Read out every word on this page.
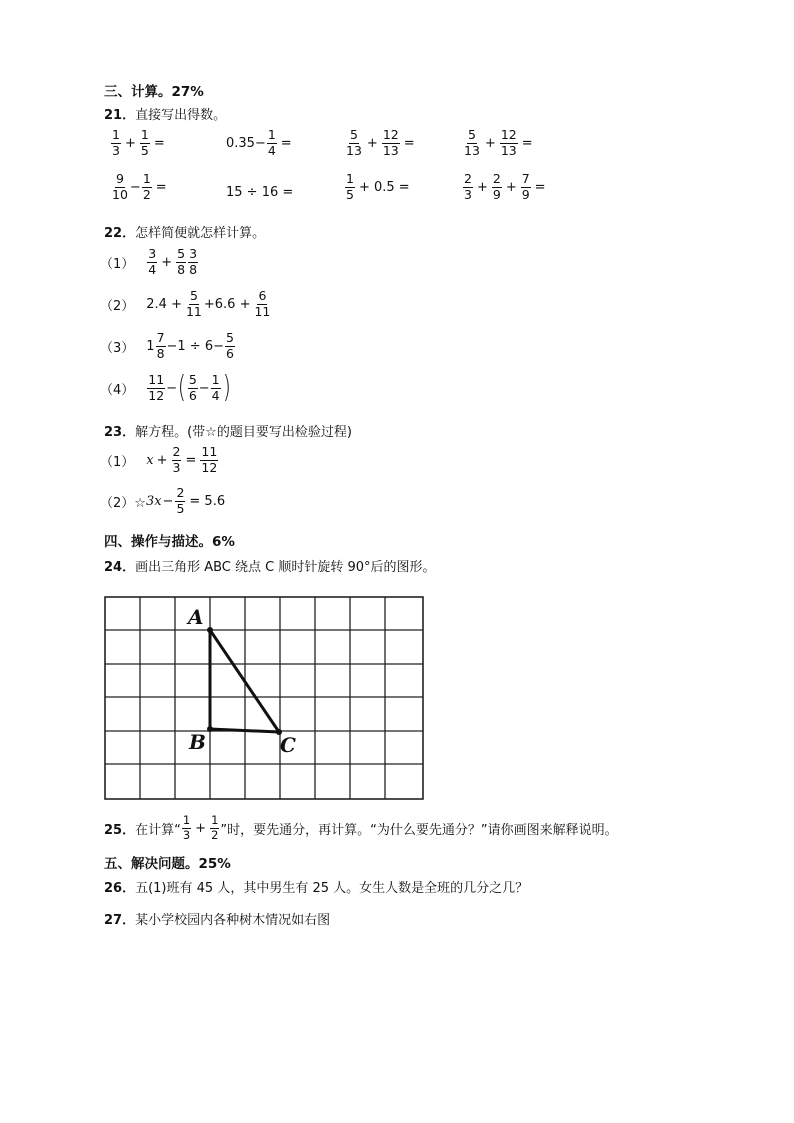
三、计算。27%
21．直接写出得数。
$\frac{1}{3} + \frac{1}{5}$ =	$0.35- \frac{1}{4}$ =	$\frac{5}{13} + \frac{12}{13}$ =	$\frac{5}{13} + \frac{12}{13}$ =
$\frac{9}{10} - \frac{1}{2}$ =	15 ÷ 16 =	$\frac{1}{5} + 0.5$ =	$\frac{2}{3} + \frac{2}{9} + \frac{7}{9}$ =
22．怎样简便就怎样计算。
$(1) \frac{3}{4} + \frac{5}{8} \frac{3}{8}$
（2） $2.4 + \frac{5}{11} +6.6 + \frac{6}{11}$
（3） $1 \frac{7}{8} -1 \div 6- \frac{5}{6}$
$(4) \frac{11}{12}$ − ( $\frac{5}{6} - \frac{1}{4}$ )
23．解方程。(带☆的题目要写出检验过程)
（1） $x + \frac{2}{3} = \frac{11}{12}$
（2）☆ $3x - \frac{2}{5} = 5.6$
四、操作与描述。6%
24．画出三角形 ABC 绕点 C 顺时针旋转 90°后的图形。
A
B	C
25． 在计算“ $\frac{1}{3} + \frac{1}{2}$ ”时，要先通分，再计算。“为什么要先通分？”请你画图来解释说明。
五、解决问题。25%
26．五(1)班有 45 人，其中男生有 25 人。女生人数是全班的几分之几？
27．某小学校园内各种树木情况如右图
